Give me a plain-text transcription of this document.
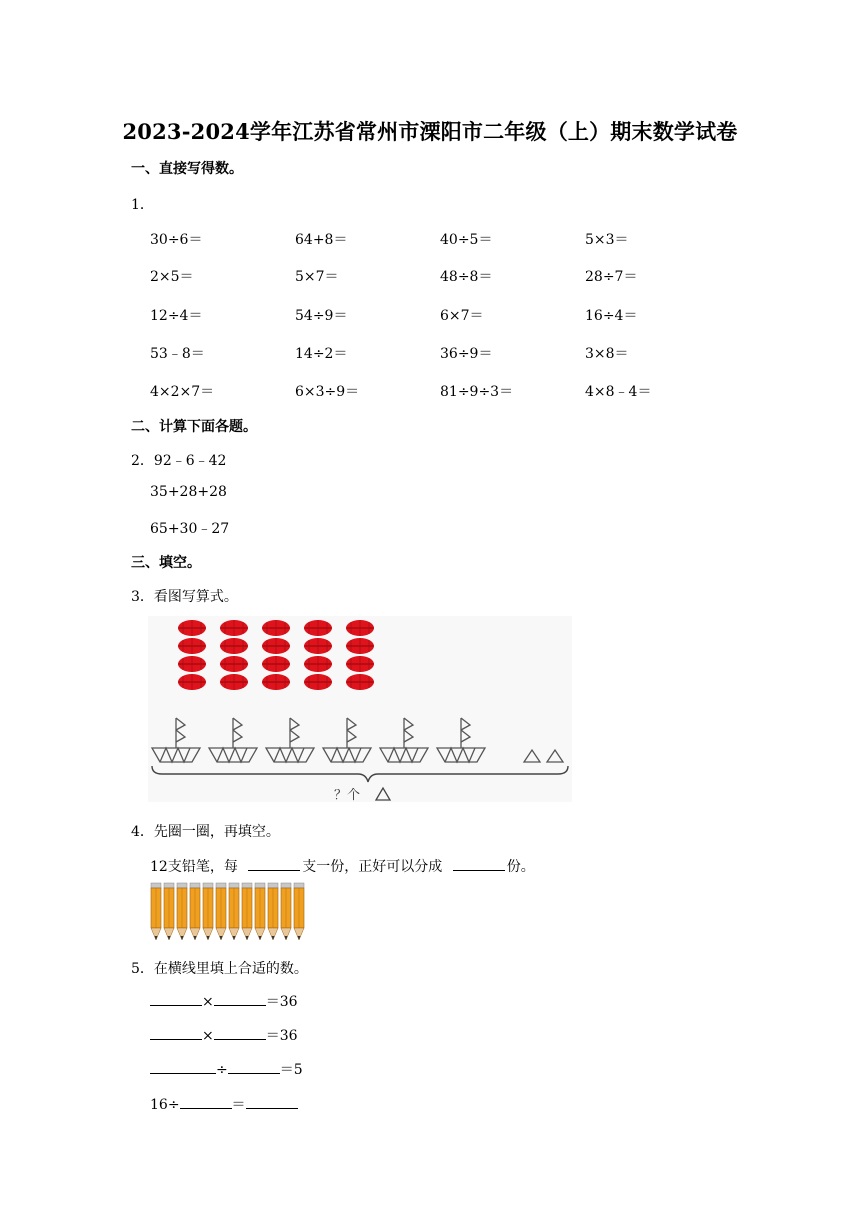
2023-2024学年江苏省常州市溧阳市二年级（上）期末数学试卷
一、直接写得数。
1．
30÷6＝	64+8＝	40÷5＝	5×3＝
2×5＝	5×7＝	48÷8＝	28÷7＝
12÷4＝	54÷9＝	6×7＝	16÷4＝
53﹣8＝	14÷2＝	36÷9＝	3×8＝
4×2×7＝	6×3÷9＝	81÷9÷3＝	4×8﹣4＝
二、计算下面各题。
2．92﹣6﹣42
35+28+28
65+30﹣27
三、填空。
3．看图写算式。
？个
4．先圈一圈，再填空。
12支铅笔，每	支一份，正好可以分成	份。
5．在横线里填上合适的数。
×	＝36
×	＝36
÷	＝5
16÷	＝
